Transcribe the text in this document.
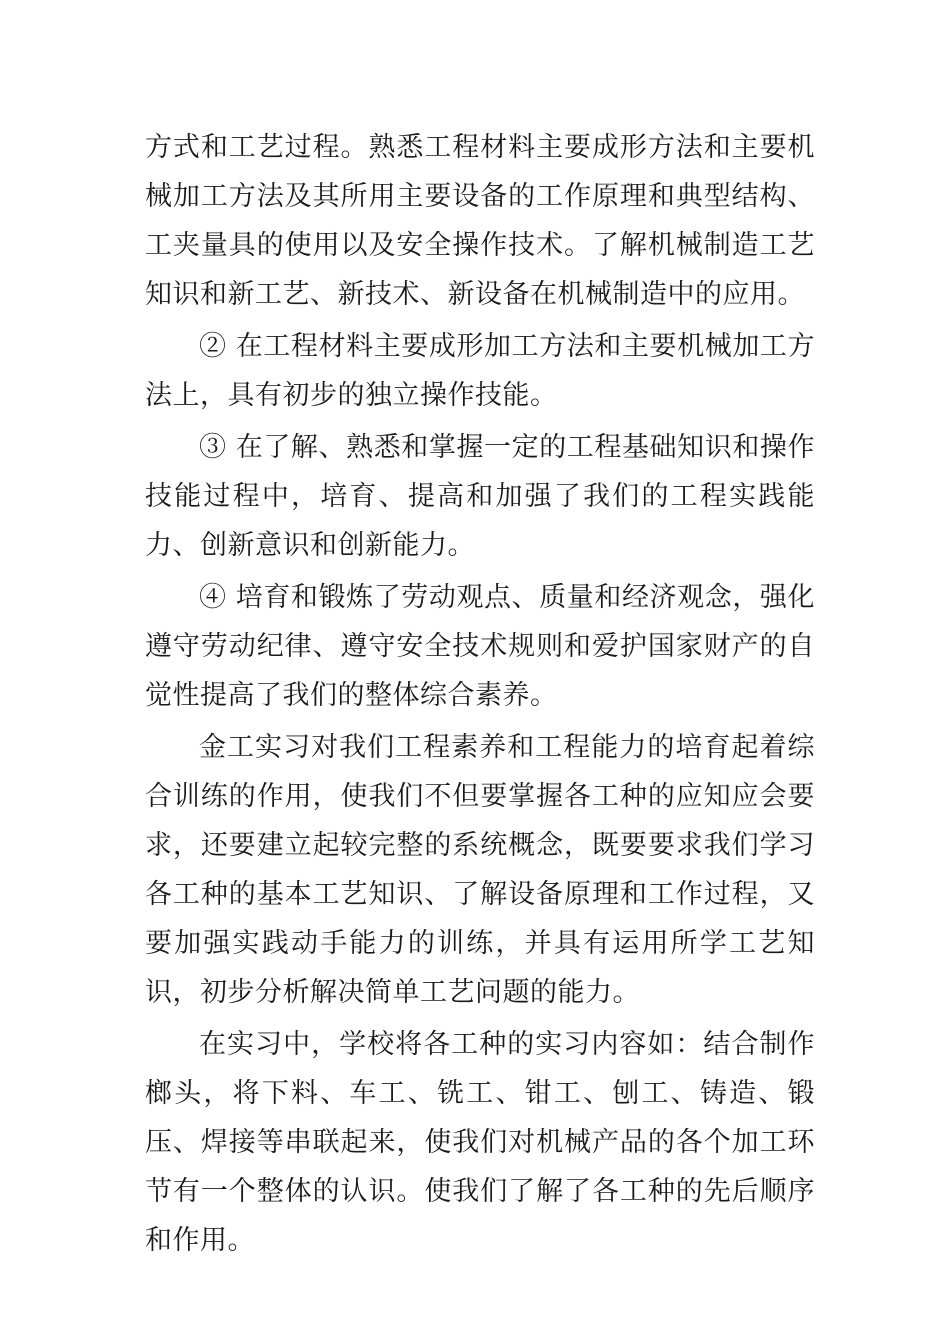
方式和工艺过程。熟悉工程材料主要成形方法和主要机械加工方法及其所用主要设备的工作原理和典型结构、工夹量具的使用以及安全操作技术。了解机械制造工艺知识和新工艺、新技术、新设备在机械制造中的应用。

② 在工程材料主要成形加工方法和主要机械加工方法上，具有初步的独立操作技能。

③ 在了解、熟悉和掌握一定的工程基础知识和操作技能过程中，培育、提高和加强了我们的工程实践能力、创新意识和创新能力。

④ 培育和锻炼了劳动观点、质量和经济观念，强化遵守劳动纪律、遵守安全技术规则和爱护国家财产的自觉性提高了我们的整体综合素养。

金工实习对我们工程素养和工程能力的培育起着综合训练的作用，使我们不但要掌握各工种的应知应会要求，还要建立起较完整的系统概念，既要要求我们学习各工种的基本工艺知识、了解设备原理和工作过程，又要加强实践动手能力的训练，并具有运用所学工艺知识，初步分析解决简单工艺问题的能力。

在实习中，学校将各工种的实习内容如：结合制作榔头，将下料、车工、铣工、钳工、刨工、铸造、锻压、焊接等串联起来，使我们对机械产品的各个加工环节有一个整体的认识。使我们了解了各工种的先后顺序和作用。
